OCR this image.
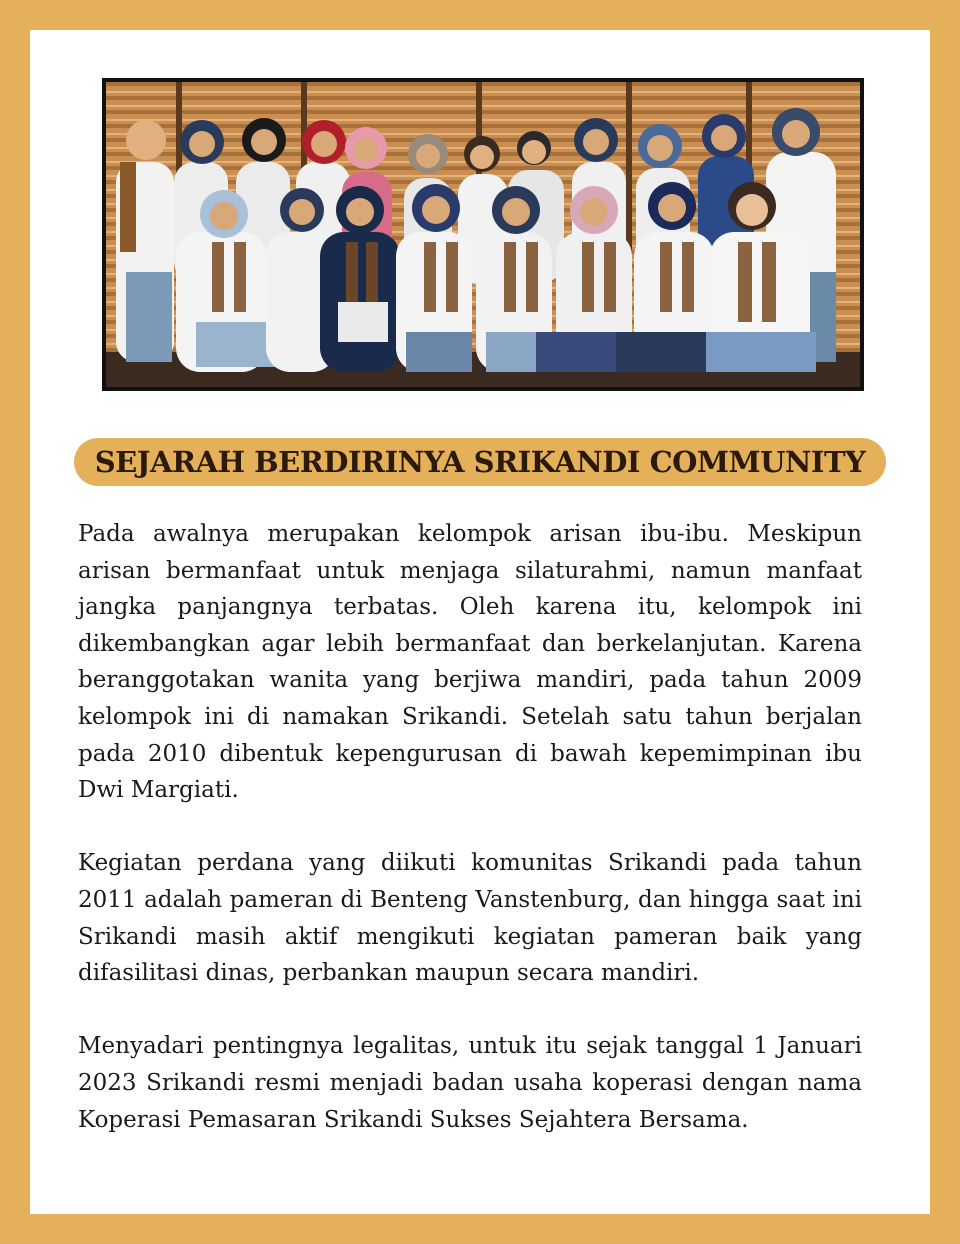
SEJARAH BERDIRINYA SRIKANDI COMMUNITY

Pada awalnya merupakan kelompok arisan ibu-ibu. Meskipun arisan bermanfaat untuk menjaga silaturahmi, namun manfaat jangka panjangnya terbatas. Oleh karena itu, kelompok ini dikembangkan agar lebih bermanfaat dan berkelanjutan. Karena beranggotakan wanita yang berjiwa mandiri, pada tahun 2009 kelompok ini di namakan Srikandi. Setelah satu tahun berjalan pada 2010 dibentuk kepengurusan di bawah kepemimpinan ibu Dwi Margiati.

Kegiatan perdana yang diikuti komunitas Srikandi pada tahun 2011 adalah pameran di Benteng Vanstenburg, dan hingga saat ini Srikandi masih aktif mengikuti kegiatan pameran baik yang difasilitasi dinas, perbankan maupun secara mandiri.

Menyadari pentingnya legalitas, untuk itu sejak tanggal 1 Januari 2023 Srikandi resmi menjadi badan usaha koperasi dengan nama Koperasi Pemasaran Srikandi Sukses Sejahtera Bersama.
